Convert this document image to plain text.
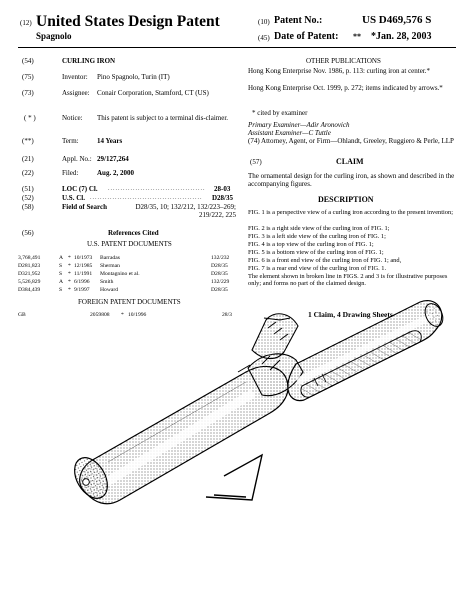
(12) United States Design Patent
Spagnolo
(10) Patent No.:	US D469,576 S
(45) Date of Patent: ** *Jan. 28, 2003
(54)	CURLING IRON
(75)	Inventor: Pino Spagnolo, Turin (IT)
(73)	Assignee: Conair Corporation, Stamford, CT (US)
( * )	Notice: This patent is subject to a terminal dis-claimer.
(**)	Term:	14 Years
(21)	Appl. No.: 29/127,264
(22)	Filed:	Aug. 2, 2000
(51)	LOC (7) Cl. .......................................	28-03
(52)	U.S. Cl. .............................................	D28/35
(58)	Field of Search	D28/35, 10; 132/212, 132/223–269; 219/222, 225
(56)	References Cited
U.S. PATENT DOCUMENTS
3,768,491	A * 10/1973 Barradas	132/232
D281,823	S * 12/1985 Sherman	D28/35
D321,952	S * 11/1991 Montagnino et al.	D28/35
5,526,829	A * 6/1996 Smith	132/229
D384,439	S * 9/1997 Howard	D28/35
FOREIGN PATENT DOCUMENTS
GB	2059808 * 10/1996	28/3
OTHER PUBLICATIONS
Hong Kong Enterprise Nov. 1986, p. 113: curling iron at center.*
Hong Kong Enterprise Oct. 1999, p. 272; items indicated by arrows.*
* cited by examiner
Primary Examiner—Adir Aronovich
Assistant Examiner—C Tuttle
(74) Attorney, Agent, or Firm—Ohlandt, Greeley, Ruggiero & Perle, LLP
(57)	CLAIM
The ornamental design for the curling iron, as shown and described in the accompanying figures.
DESCRIPTION
FIG. 1 is a perspective view of a curling iron according to the present invention;
FIG. 2 is a right side view of the curling iron of FIG. 1;
FIG. 3 is a left side view of the curling iron of FIG. 1;
FIG. 4 is a top view of the curling iron of FIG. 1;
FIG. 5 is a bottom view of the curling iron of FIG. 1;
FIG. 6 is a front end view of the curling iron of FIG. 1; and,
FIG. 7 is a rear end view of the curling iron of FIG. 1.
The element shown in broken line in FIGS. 2 and 3 is for illustrative purposes only; and forms no part of the claimed design.
1 Claim, 4 Drawing Sheets
